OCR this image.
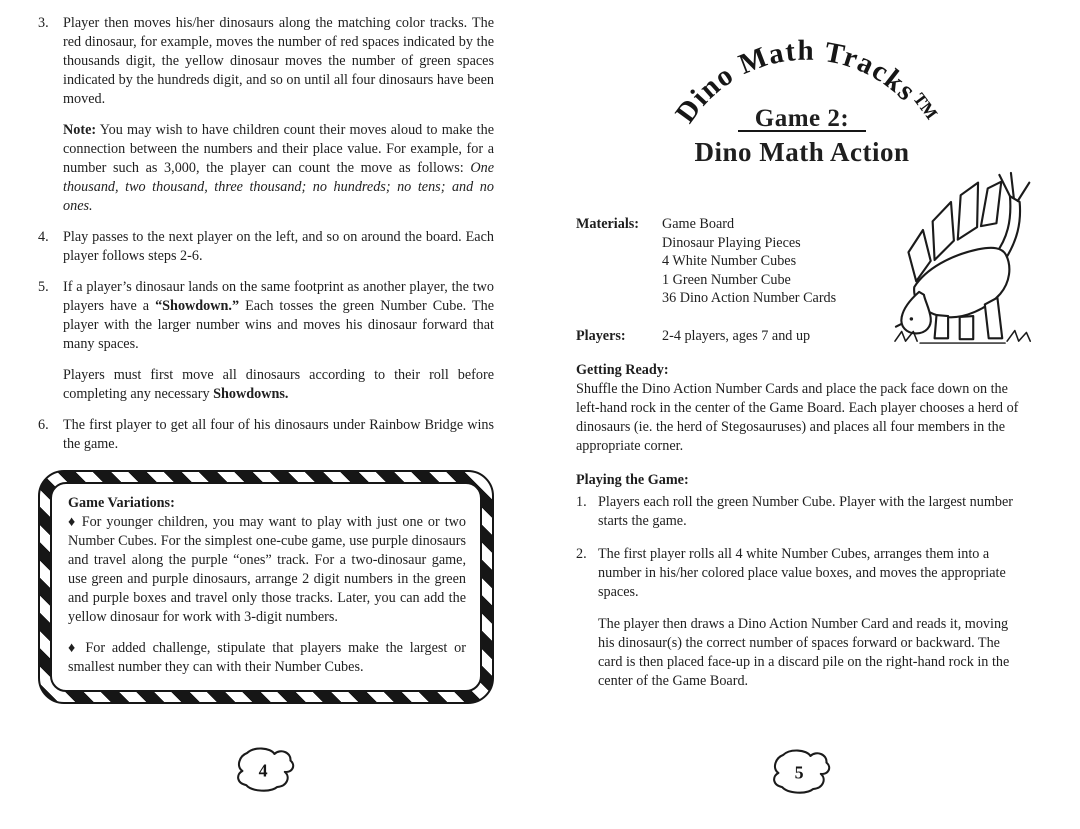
3.	Player then moves his/her dinosaurs along the matching color tracks. The red dinosaur, for example, moves the number of red spaces indicated by the thousands digit, the yellow dinosaur moves the number of green spaces indicated by the hundreds digit, and so on until all four dinosaurs have been moved.

Note: You may wish to have children count their moves aloud to make the connection between the numbers and their place value. For example, for a number such as 3,000, the player can count the move as follows: One thousand, two thousand, three thousand; no hundreds; no tens; and no ones.

4.	Play passes to the next player on the left, and so on around the board. Each player follows steps 2-6.

5.	If a player’s dinosaur lands on the same footprint as another player, the two players have a “Showdown.” Each tosses the green Number Cube. The player with the larger number wins and moves his dinosaur forward that many spaces.

Players must first move all dinosaurs according to their roll before completing any necessary Showdowns.

6.	The first player to get all four of his dinosaurs under Rainbow Bridge wins the game.

Game Variations:

♦ For younger children, you may want to play with just one or two Number Cubes. For the simplest one-cube game, use purple dinosaurs and travel along the purple “ones” track. For a two-dinosaur game, use green and purple dinosaurs, arrange 2 digit numbers in the green and purple boxes and travel only those tracks. Later, you can add the yellow dinosaur for work with 3-digit numbers.

♦ For added challenge, stipulate that players make the largest or smallest number they can with their Number Cubes.

4
Dino Math Tracks™
Game 2:
Dino Math Action
Materials:	Game Board
Dinosaur Playing Pieces
4 White Number Cubes
1 Green Number Cube
36 Dino Action Number Cards
Players:	2-4 players, ages 7 and up

Getting Ready:

Shuffle the Dino Action Number Cards and place the pack face down on the left-hand rock in the center of the Game Board. Each player chooses a herd of dinosaurs (ie. the herd of Stegosauruses) and places all four members in the appropriate corner.

Playing the Game:

1. Players each roll the green Number Cube. Player with the largest number starts the game.

2. The first player rolls all 4 white Number Cubes, arranges them into a number in his/her colored place value boxes, and moves the appropriate spaces.

The player then draws a Dino Action Number Card and reads it, moving his dinosaur(s) the correct number of spaces forward or backward. The card is then placed face-up in a discard pile on the right-hand rock in the center of the Game Board.

5
